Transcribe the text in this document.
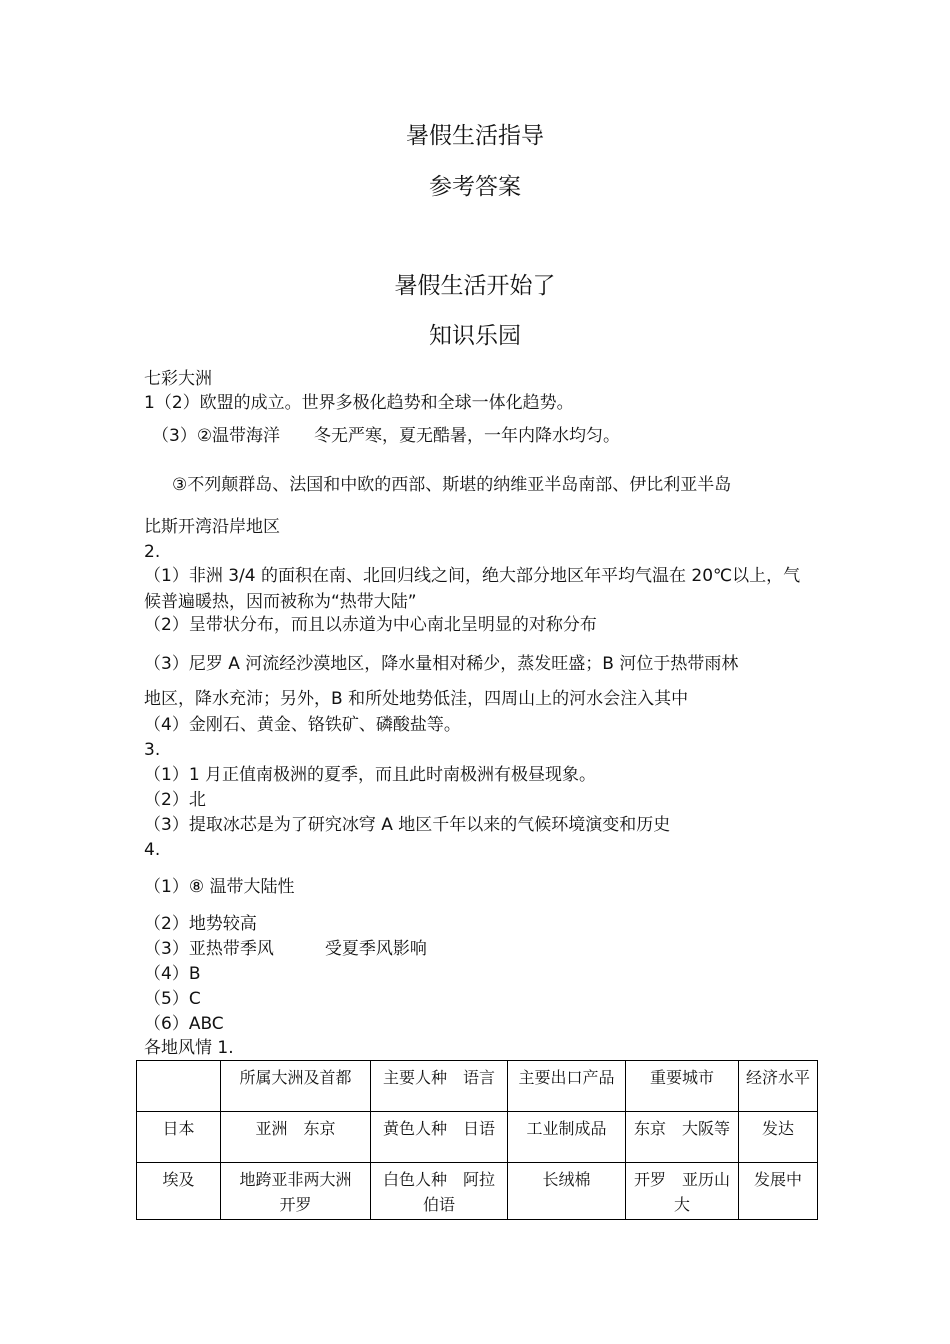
暑假生活指导
参考答案
暑假生活开始了
知识乐园

七彩大洲

1（2）欧盟的成立。世界多极化趋势和全球一体化趋势。

（3）②温带海洋　　冬无严寒，夏无酷暑，一年内降水均匀。

③不列颠群岛、法国和中欧的西部、斯堪的纳维亚半岛南部、伊比利亚半岛

比斯开湾沿岸地区

2.

（1）非洲 3/4 的面积在南、北回归线之间，绝大部分地区年平均气温在 20℃以上，气候普遍暖热，因而被称为“热带大陆”

（2）呈带状分布，而且以赤道为中心南北呈明显的对称分布

（3）尼罗 A 河流经沙漠地区，降水量相对稀少，蒸发旺盛；B 河位于热带雨林

地区，降水充沛；另外，B 和所处地势低洼，四周山上的河水会注入其中

（4）金刚石、黄金、铬铁矿、磷酸盐等。

3.

（1）1 月正值南极洲的夏季，而且此时南极洲有极昼现象。

（2）北

（3）提取冰芯是为了研究冰穹 A 地区千年以来的气候环境演变和历史

4.

（1）⑧ 温带大陆性

（2）地势较高

（3）亚热带季风　　　受夏季风影响

（4）B

（5）C

（6）ABC

各地风情 1.

	所属大洲及首都	主要人种　语言	主要出口产品	重要城市	经济水平
日本	亚洲　东京	黄色人种　日语	工业制成品	东京　大阪等	发达
埃及	地跨亚非两大洲　开罗	白色人种　阿拉伯语	长绒棉	开罗　亚历山大	发展中
